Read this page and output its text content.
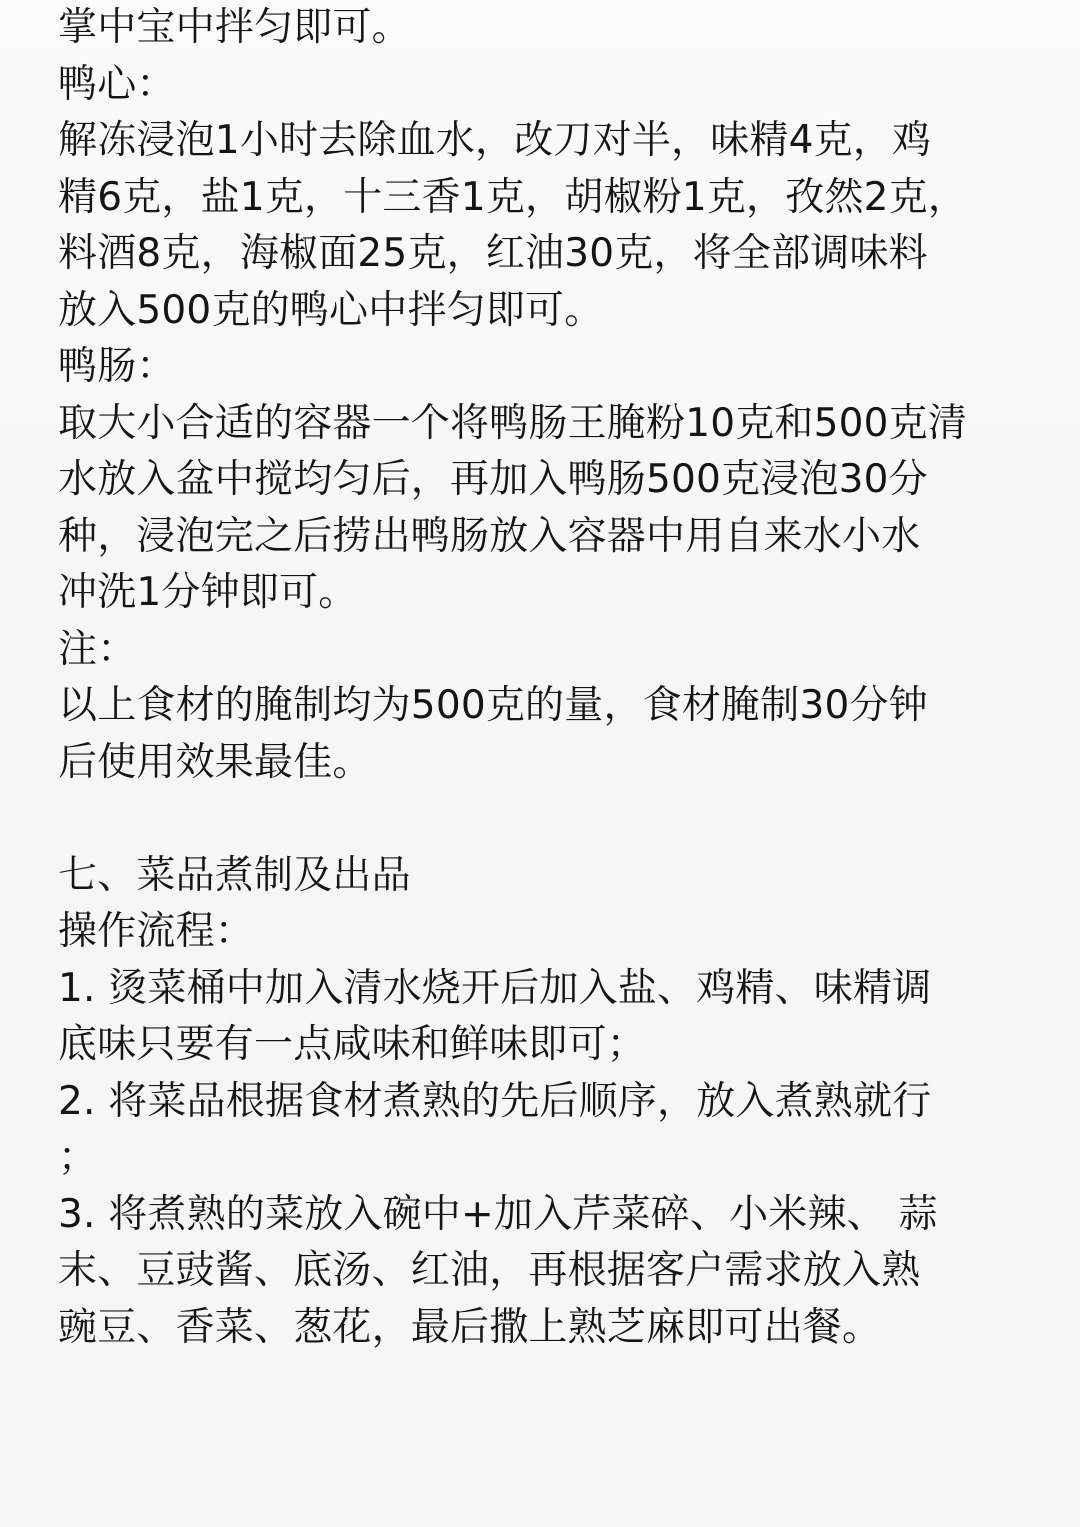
掌中宝中拌匀即可。
鸭心：
解冻浸泡1小时去除血水，改刀对半，味精4克，鸡
精6克，盐1克，十三香1克，胡椒粉1克，孜然2克，
料酒8克，海椒面25克，红油30克，将全部调味料
放入500克的鸭心中拌匀即可。
鸭肠：
取大小合适的容器一个将鸭肠王腌粉10克和500克清
水放入盆中搅均匀后，再加入鸭肠500克浸泡30分
种，浸泡完之后捞出鸭肠放入容器中用自来水小水
冲洗1分钟即可。
注：
以上食材的腌制均为500克的量，食材腌制30分钟
后使用效果最佳。
七、菜品煮制及出品
操作流程：
1. 烫菜桶中加入清水烧开后加入盐、鸡精、味精调
底味只要有一点咸味和鲜味即可；
2. 将菜品根据食材煮熟的先后顺序，放入煮熟就行
；
3. 将煮熟的菜放入碗中+加入芹菜碎、小米辣、 蒜
末、豆豉酱、底汤、红油，再根据客户需求放入熟
豌豆、香菜、葱花，最后撒上熟芝麻即可出餐。
